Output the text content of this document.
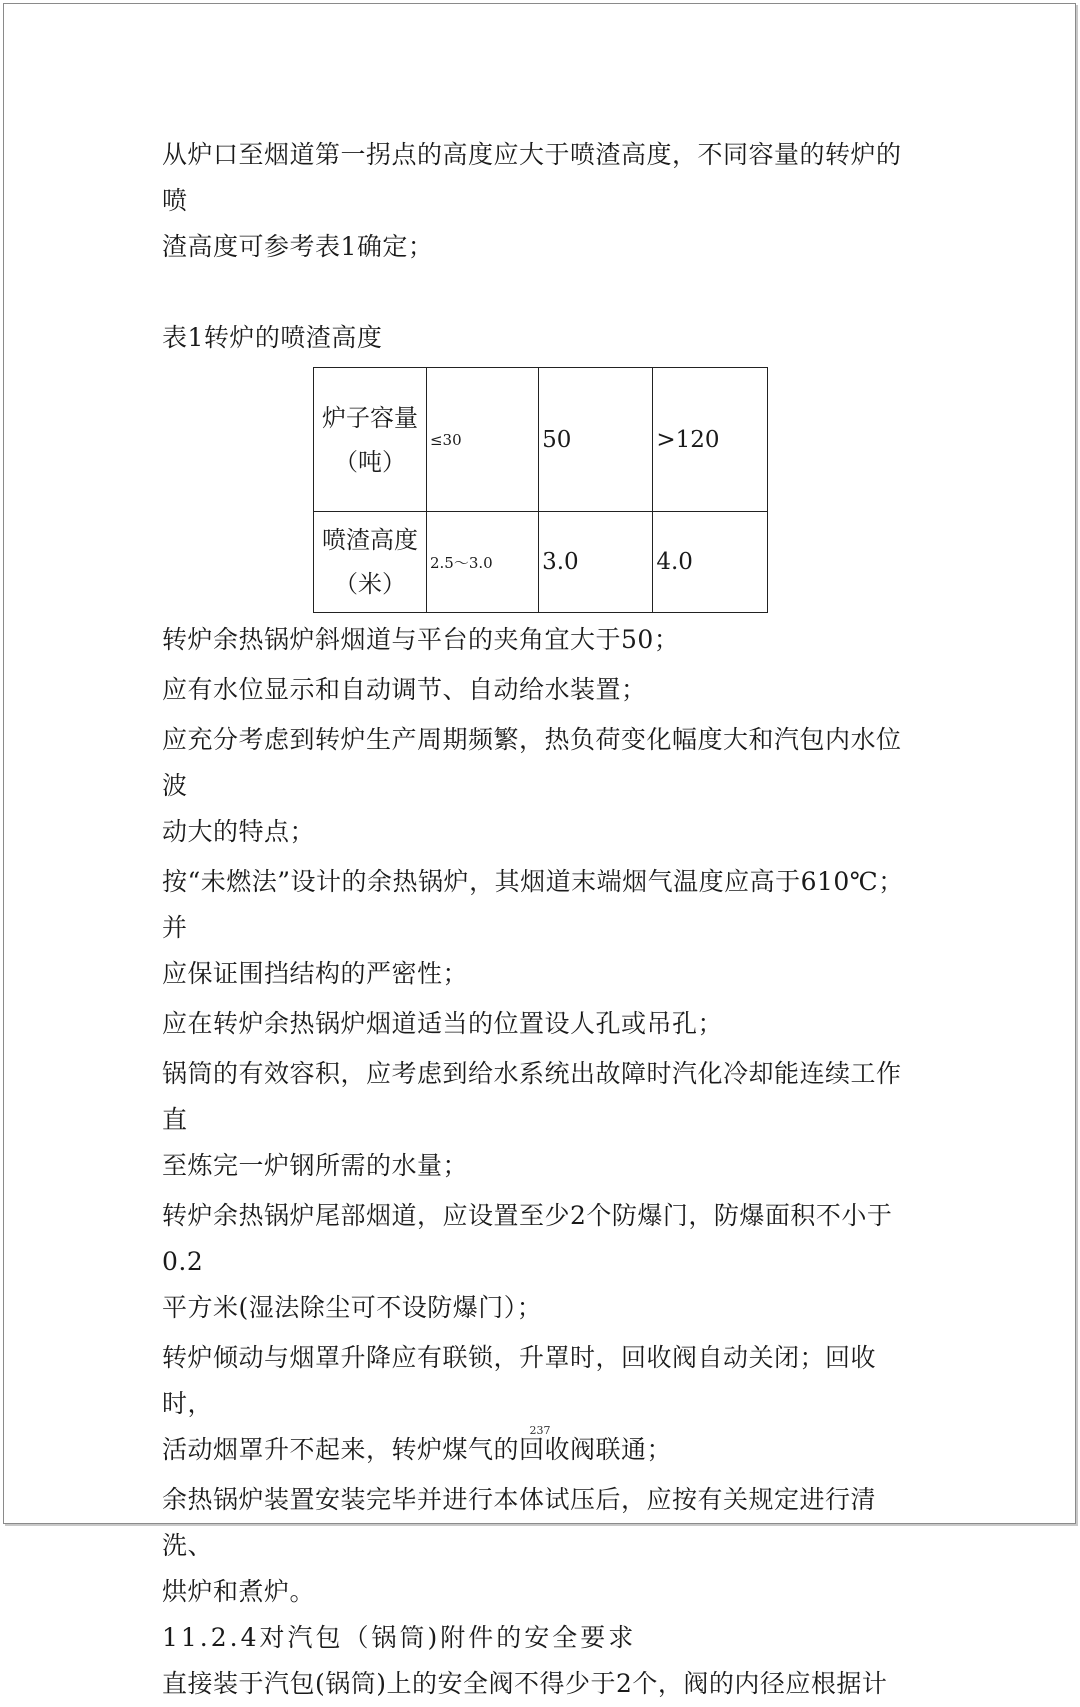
从炉口至烟道第一拐点的高度应大于喷渣高度，不同容量的转炉的喷

渣高度可参考表1确定；

表1转炉的喷渣高度

炉子容量
（吨）	≤30	50	>120

喷渣高度
（米）	2.5～3.0	3.0	4.0

转炉余热锅炉斜烟道与平台的夹角宜大于50；

应有水位显示和自动调节、自动给水装置；

应充分考虑到转炉生产周期频繁，热负荷变化幅度大和汽包内水位波

动大的特点；

按“未燃法”设计的余热锅炉，其烟道末端烟气温度应高于610℃；并

应保证围挡结构的严密性；

应在转炉余热锅炉烟道适当的位置设人孔或吊孔；

锅筒的有效容积，应考虑到给水系统出故障时汽化冷却能连续工作直

至炼完一炉钢所需的水量；

转炉余热锅炉尾部烟道，应设置至少2个防爆门，防爆面积不小于0.2

平方米(湿法除尘可不设防爆门）；

转炉倾动与烟罩升降应有联锁，升罩时，回收阀自动关闭；回收时，

活动烟罩升不起来，转炉煤气的回收阀联通；

余热锅炉装置安装完毕并进行本体试压后，应按有关规定进行清洗、

烘炉和煮炉。

11.2.4对汽包（锅筒)附件的安全要求

直接装于汽包(锅筒)上的安全阀不得少于2个，阀的内径应根据计

237
